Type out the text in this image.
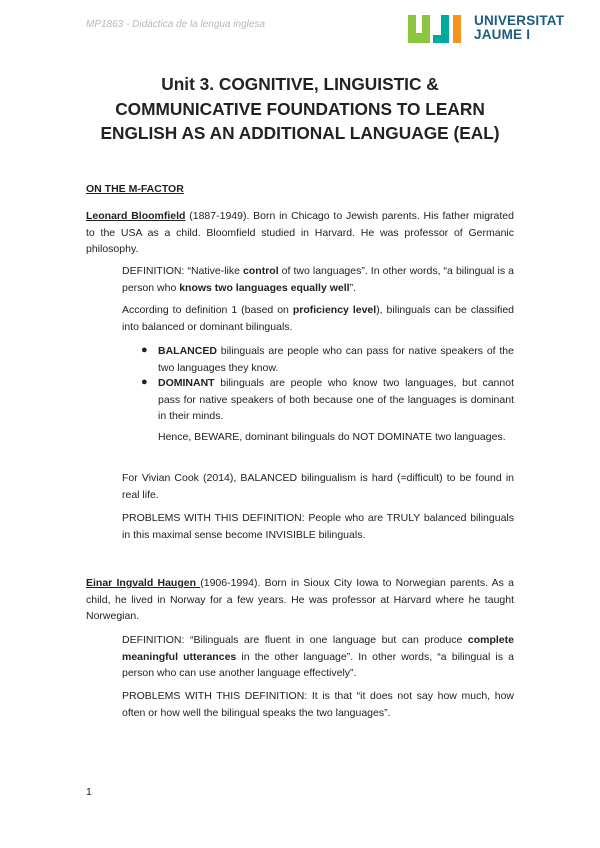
MP1863 - Didáctica de la lengua inglesa	UNIVERSITAT
JAUME I
Unit 3. COGNITIVE, LINGUISTIC &
COMMUNICATIVE FOUNDATIONS TO LEARN
ENGLISH AS AN ADDITIONAL LANGUAGE (EAL)
ON THE M-FACTOR

Leonard Bloomfield (1887-1949). Born in Chicago to Jewish parents. His father migrated to the USA as a child. Bloomfield studied in Harvard. He was professor of Germanic philosophy.

DEFINITION: “Native-like control of two languages”. In other words, “a bilingual is a person who knows two languages equally well”.

According to definition 1 (based on proficiency level), bilinguals can be classified into balanced or dominant bilinguals.

● BALANCED bilinguals are people who can pass for native speakers of the two languages they know.
● DOMINANT bilinguals are people who know two languages, but cannot pass for native speakers of both because one of the languages is dominant in their minds.

Hence, BEWARE, dominant bilinguals do NOT DOMINATE two languages.

For Vivian Cook (2014), BALANCED bilingualism is hard (=difficult) to be found in real life.

PROBLEMS WITH THIS DEFINITION: People who are TRULY balanced bilinguals in this maximal sense become INVISIBLE bilinguals.

Einar Ingvald Haugen (1906-1994). Born in Sioux City Iowa to Norwegian parents. As a child, he lived in Norway for a few years. He was professor at Harvard where he taught Norwegian.

DEFINITION: “Bilinguals are fluent in one language but can produce complete meaningful utterances in the other language”. In other words, “a bilingual is a person who can use another language effectively”.

PROBLEMS WITH THIS DEFINITION: It is that “it does not say how much, how often or how well the bilingual speaks the two languages”.

1
